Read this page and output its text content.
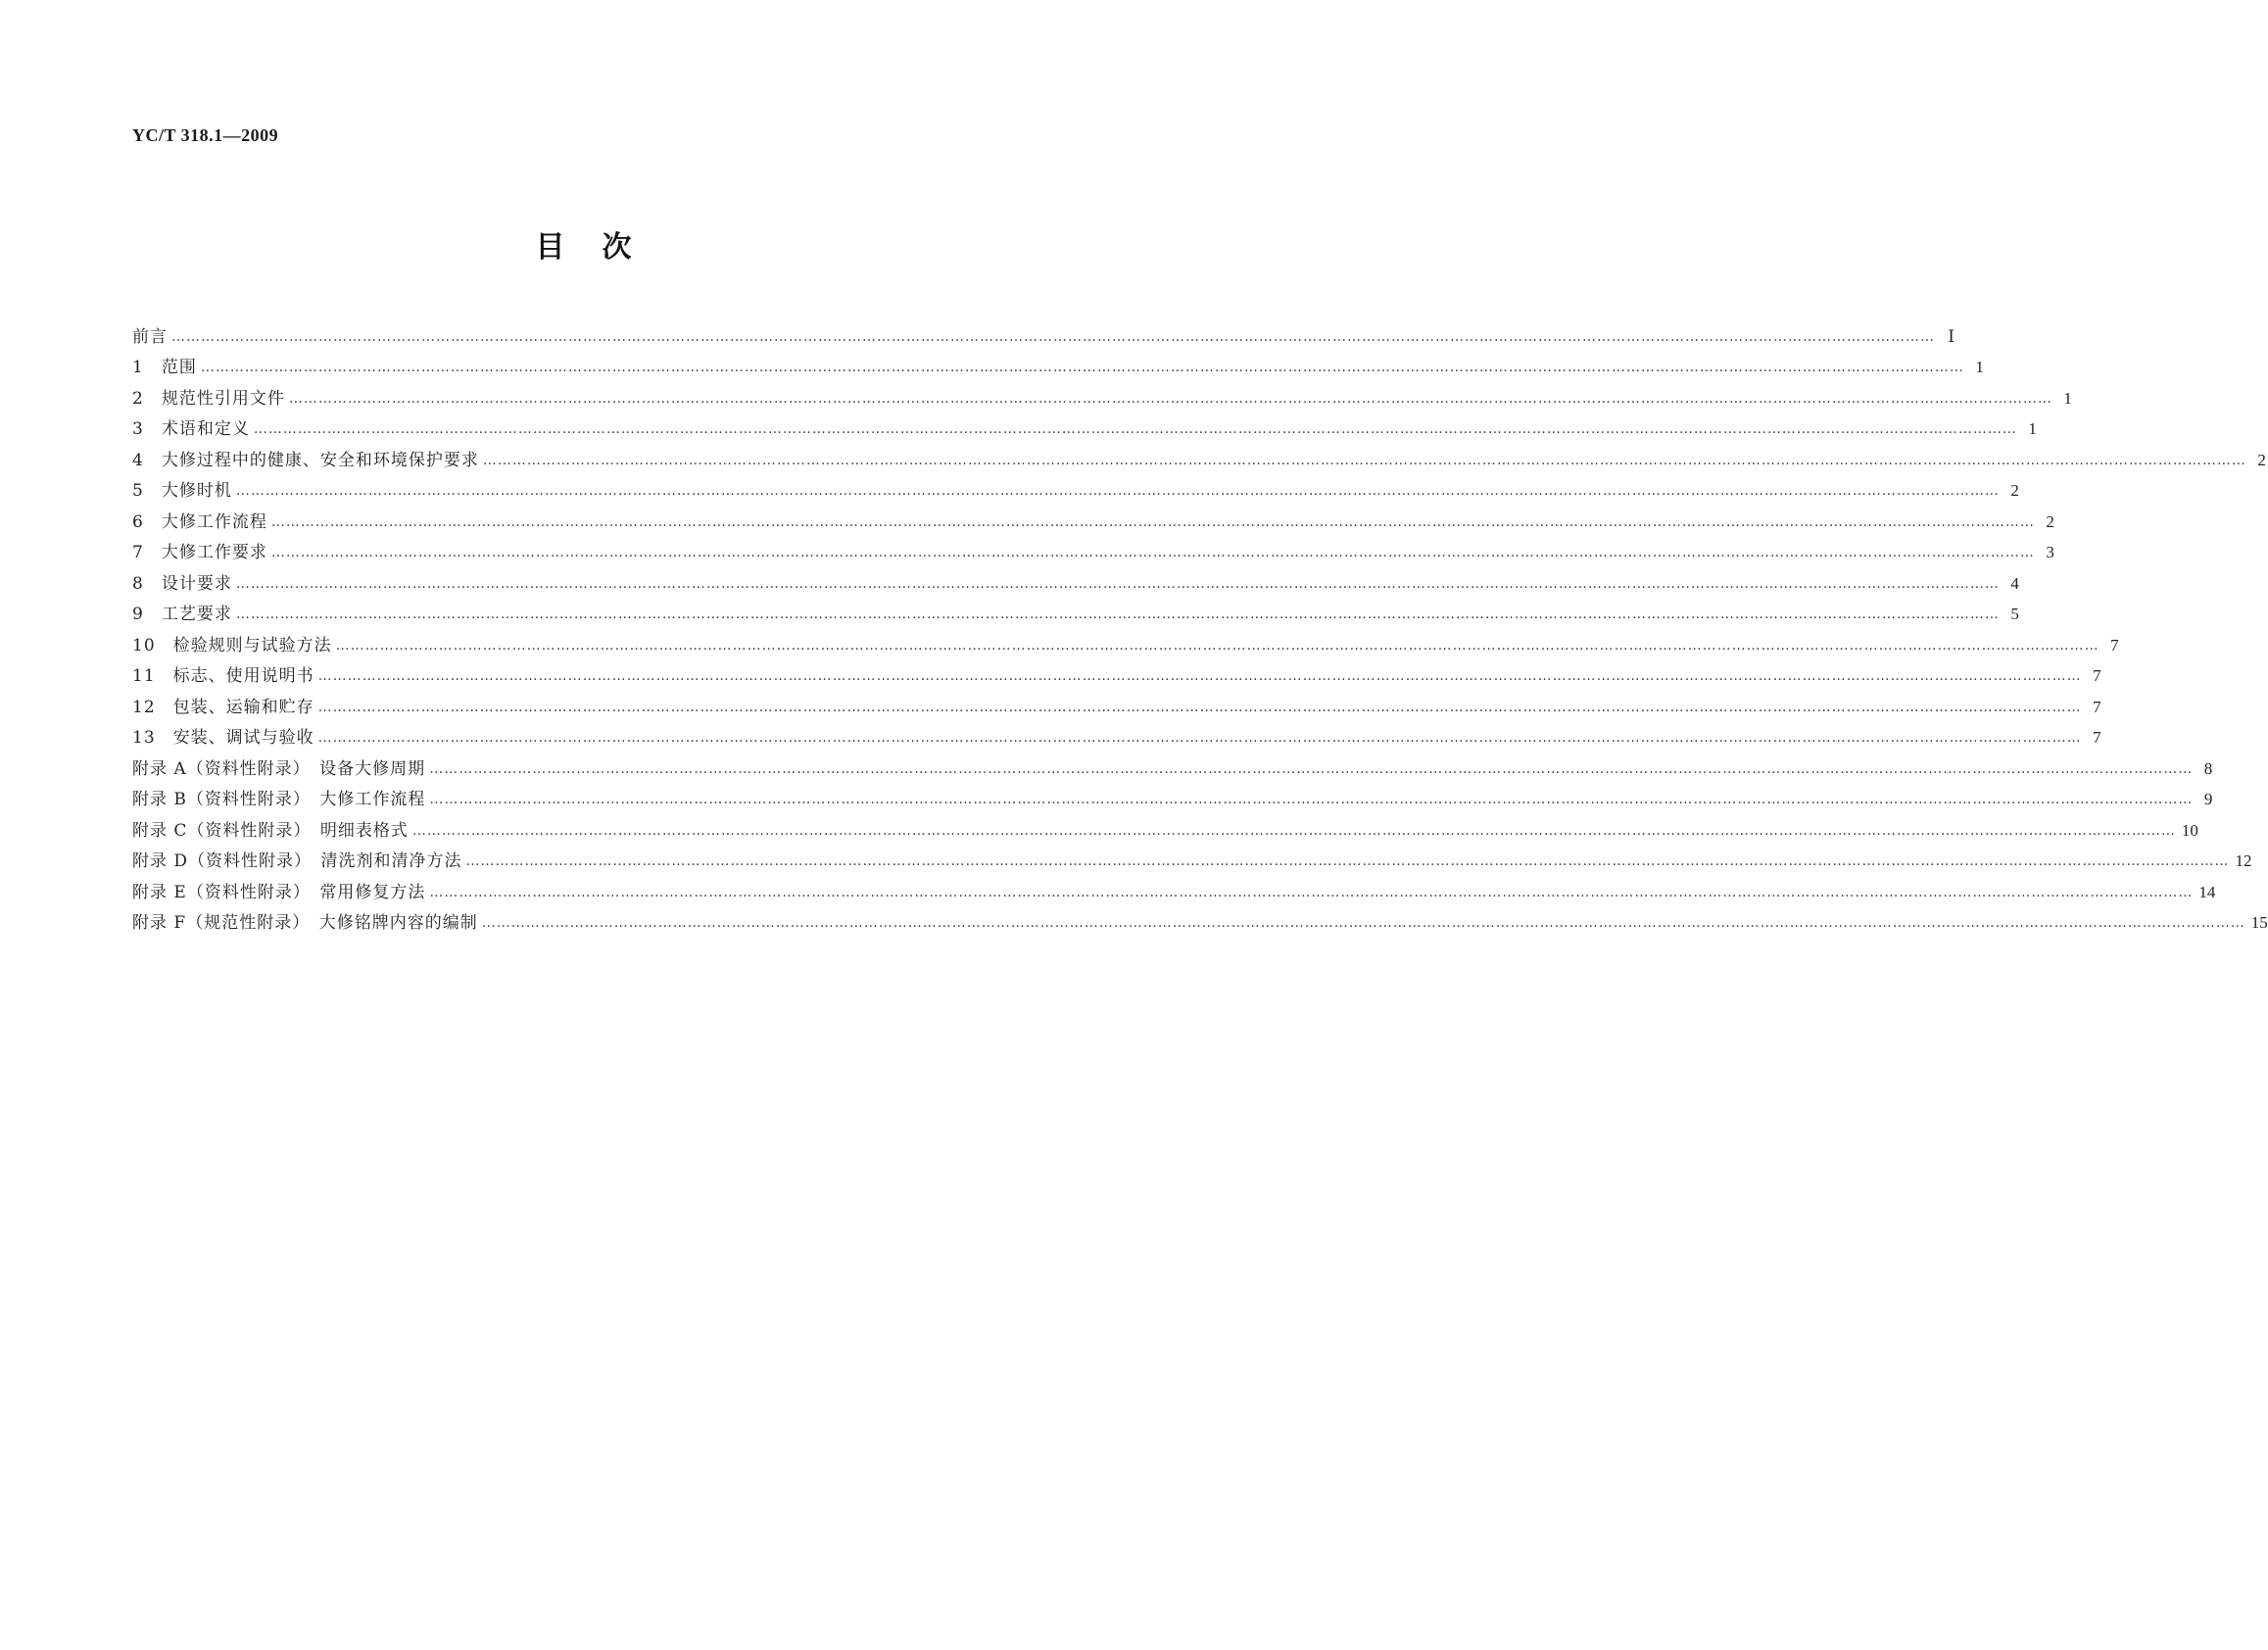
YC/T 318.1—2009
目次
前言 ……………………………………………………………………………………………………………………………………………………………………………………………………………………………………………………………………………………………………………………………… Ⅰ
1　范围 ……………………………………………………………………………………………………………………………………………………………………………………………………………………………………………………………………………………………………………………………… 1
2　规范性引用文件 ……………………………………………………………………………………………………………………………………………………………………………………………………………………………………………………………………………………………………………………………… 1
3　术语和定义 ……………………………………………………………………………………………………………………………………………………………………………………………………………………………………………………………………………………………………………………………… 1
4　大修过程中的健康、安全和环境保护要求 ……………………………………………………………………………………………………………………………………………………………………………………………………………………………………………………………………………………………………………………………… 2
5　大修时机 ……………………………………………………………………………………………………………………………………………………………………………………………………………………………………………………………………………………………………………………………… 2
6　大修工作流程 ……………………………………………………………………………………………………………………………………………………………………………………………………………………………………………………………………………………………………………………………… 2
7　大修工作要求 ……………………………………………………………………………………………………………………………………………………………………………………………………………………………………………………………………………………………………………………………… 3
8　设计要求 ……………………………………………………………………………………………………………………………………………………………………………………………………………………………………………………………………………………………………………………………… 4
9　工艺要求 ……………………………………………………………………………………………………………………………………………………………………………………………………………………………………………………………………………………………………………………………… 5
10　检验规则与试验方法 ……………………………………………………………………………………………………………………………………………………………………………………………………………………………………………………………………………………………………………………………… 7
11　标志、使用说明书 ……………………………………………………………………………………………………………………………………………………………………………………………………………………………………………………………………………………………………………………………… 7
12　包装、运输和贮存 ……………………………………………………………………………………………………………………………………………………………………………………………………………………………………………………………………………………………………………………………… 7
13　安装、调试与验收 ……………………………………………………………………………………………………………………………………………………………………………………………………………………………………………………………………………………………………………………………… 7
附录 A（资料性附录）　设备大修周期 ……………………………………………………………………………………………………………………………………………………………………………………………………………………………………………………………………………………………………………………………… 8
附录 B（资料性附录）　大修工作流程 ……………………………………………………………………………………………………………………………………………………………………………………………………………………………………………………………………………………………………………………………… 9
附录 C（资料性附录）　明细表格式 ……………………………………………………………………………………………………………………………………………………………………………………………………………………………………………………………………………………………………………………………… 10
附录 D（资料性附录）　清洗剂和清净方法 ……………………………………………………………………………………………………………………………………………………………………………………………………………………………………………………………………………………………………………………………… 12
附录 E（资料性附录）　常用修复方法 ……………………………………………………………………………………………………………………………………………………………………………………………………………………………………………………………………………………………………………………………… 14
附录 F（规范性附录）　大修铭牌内容的编制 ……………………………………………………………………………………………………………………………………………………………………………………………………………………………………………………………………………………………………………………………… 15
